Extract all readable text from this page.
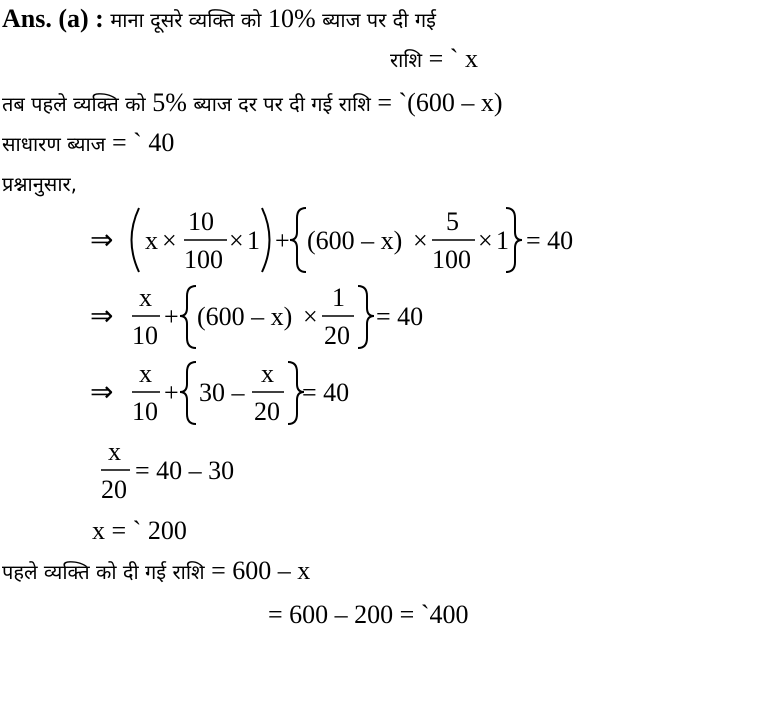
Ans. (a) : माना दूसरे व्यक्ति को 10% ब्याज पर दी गई
राशि = ` x
तब पहले व्यक्ति को 5% ब्याज दर पर दी गई राशि = `(600 – x)
साधारण ब्याज = ` 40
प्रश्नानुसार,
⇒ x ×
10
100
× 1 + (600 – x) ×
5
100
× 1 = 40
⇒
x
10
+ (600 – x) ×
1
20
= 40
⇒
x
10
+ 30 –
x
20
= 40
x
20
= 40 – 30
x = ` 200
पहले व्यक्ति को दी गई राशि = 600 – x
= 600 – 200 = `400
